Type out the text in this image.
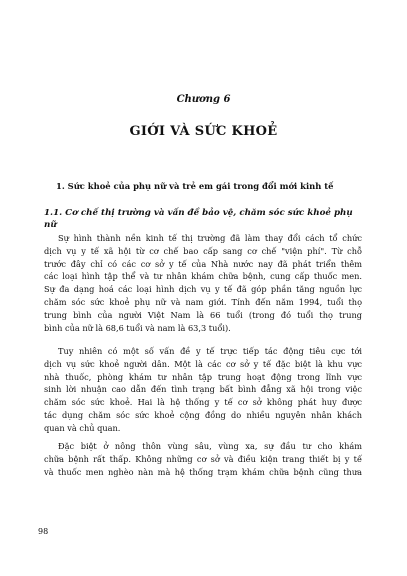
Chương 6
GIỚI VÀ SỨC KHOẺ
1. Sức khoẻ của phụ nữ và trẻ em gái trong đổi mới kinh tế
1.1. Cơ chế thị trường và vấn đề bảo vệ, chăm sóc sức khoẻ phụ nữ
Sự hình thành nền kinh tế thị trường đã làm thay đổi cách tổ chức
dịch vụ y tế xã hội từ cơ chế bao cấp sang cơ chế "viện phí". Từ chỗ
trước đây chỉ có các cơ sở y tế của Nhà nước nay đã phát triển thêm
các loại hình tập thể và tư nhân khám chữa bệnh, cung cấp thuốc men.
Sự đa dạng hoá các loại hình dịch vụ y tế đã góp phần tăng nguồn lực
chăm sóc sức khoẻ phụ nữ và nam giới. Tính đến năm 1994, tuổi thọ
trung bình của người Việt Nam là 66 tuổi (trong đó tuổi thọ trung
bình của nữ là 68,6 tuổi và nam là 63,3 tuổi).
Tuy nhiên có một số vấn đề y tế trực tiếp tác động tiêu cực tới
dịch vụ sức khoẻ người dân. Một là các cơ sở y tế đặc biệt là khu vực
nhà thuốc, phòng khám tư nhân tập trung hoạt động trong lĩnh vực
sinh lời nhuận cao dẫn đến tình trạng bất bình đẳng xã hội trong việc
chăm sóc sức khoẻ. Hai là hệ thống y tế cơ sở không phát huy được
tác dụng chăm sóc sức khoẻ cộng đồng do nhiều nguyên nhân khách
quan và chủ quan.
Đặc biệt ở nông thôn vùng sâu, vùng xa, sự đầu tư cho khám
chữa bệnh rất thấp. Không những cơ sở và điều kiện trang thiết bị y tế
và thuốc men nghèo nàn mà hệ thống trạm khám chữa bệnh cũng thưa
98
